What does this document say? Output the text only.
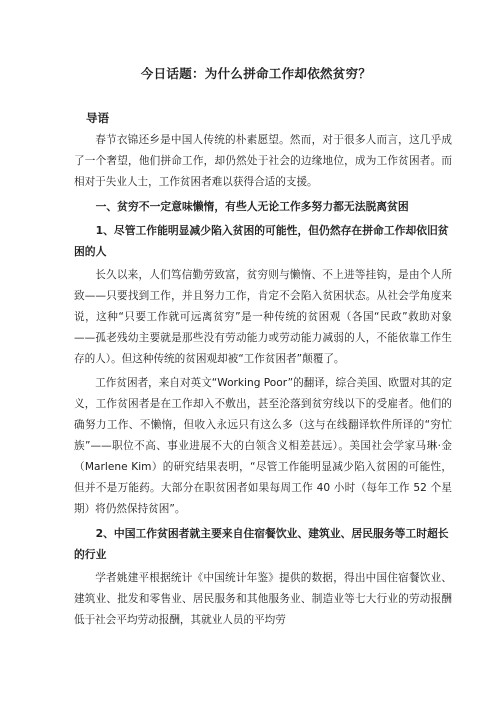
今日话题：为什么拼命工作却依然贫穷？
导语

春节衣锦还乡是中国人传统的朴素愿望。然而，对于很多人而言，这几乎成了一个奢望，他们拼命工作，却仍然处于社会的边缘地位，成为工作贫困者。而相对于失业人士，工作贫困者难以获得合适的支援。

一、贫穷不一定意味懒惰，有些人无论工作多努力都无法脱离贫困
1、尽管工作能明显减少陷入贫困的可能性，但仍然存在拼命工作却依旧贫困的人

长久以来，人们笃信勤劳致富，贫穷则与懒惰、不上进等挂钩，是由个人所致——只要找到工作，并且努力工作，肯定不会陷入贫困状态。从社会学角度来说，这种“只要工作就可远离贫穷”是一种传统的贫困观（各国“民政”救助对象——孤老残幼主要就是那些没有劳动能力或劳动能力减弱的人，不能依靠工作生存的人）。但这种传统的贫困观却被“工作贫困者”颠覆了。

工作贫困者，来自对英文“Working Poor”的翻译，综合美国、欧盟对其的定义，工作贫困者是在工作却入不敷出，甚至沦落到贫穷线以下的受雇者。他们的确努力工作、不懒惰，但收入永远只有这么多（这与在线翻译软件所译的“穷忙族”——职位不高、事业进展不大的白领含义相差甚远）。美国社会学家马琳·金（Marlene Kim）的研究结果表明，“尽管工作能明显减少陷入贫困的可能性，但并不是万能药。大部分在职贫困者如果每周工作 40 小时（每年工作 52 个星期）将仍然保持贫困”。

2、中国工作贫困者就主要来自住宿餐饮业、建筑业、居民服务等工时超长的行业

学者姚建平根据统计《中国统计年鉴》提供的数据，得出中国住宿餐饮业、建筑业、批发和零售业、居民服务和其他服务业、制造业等七大行业的劳动报酬低于社会平均劳动报酬，其就业人员的平均劳
